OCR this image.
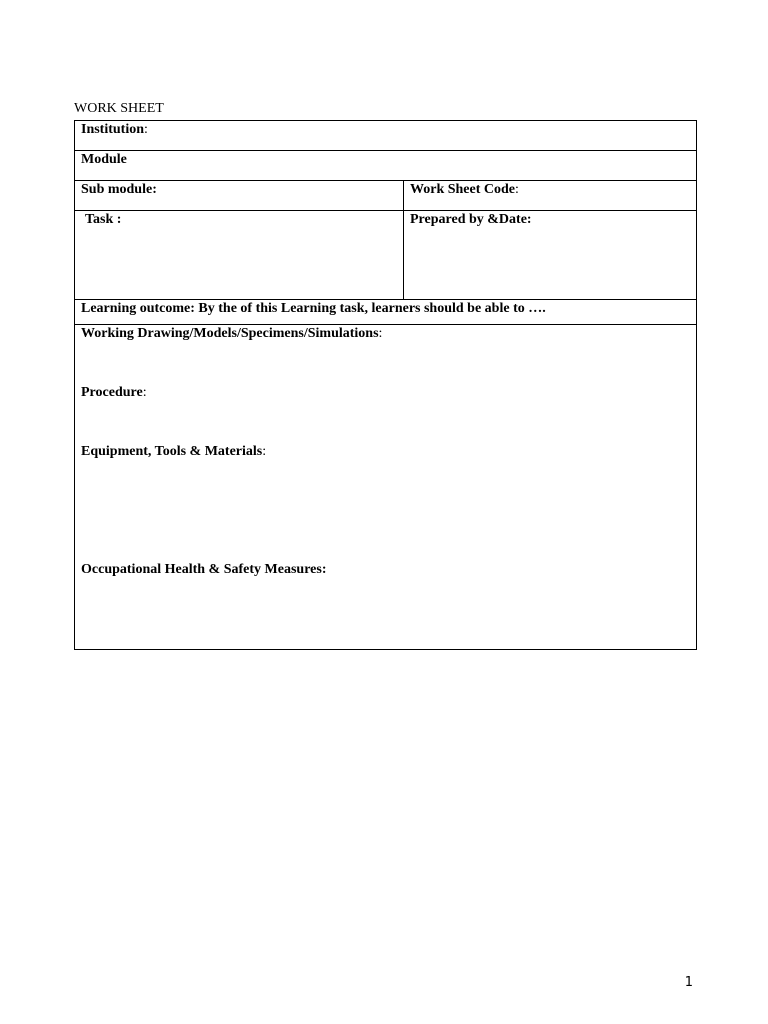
WORK SHEET
Institution:	
Module	
Sub module:	Work Sheet Code:
Task :	Prepared by &Date:
Learning outcome: By the of this Learning task, learners should be able to ….	

Working Drawing/Models/Specimens/Simulations:
Procedure:
Equipment, Tools & Materials:
Occupational Health & Safety Measures:	
1
